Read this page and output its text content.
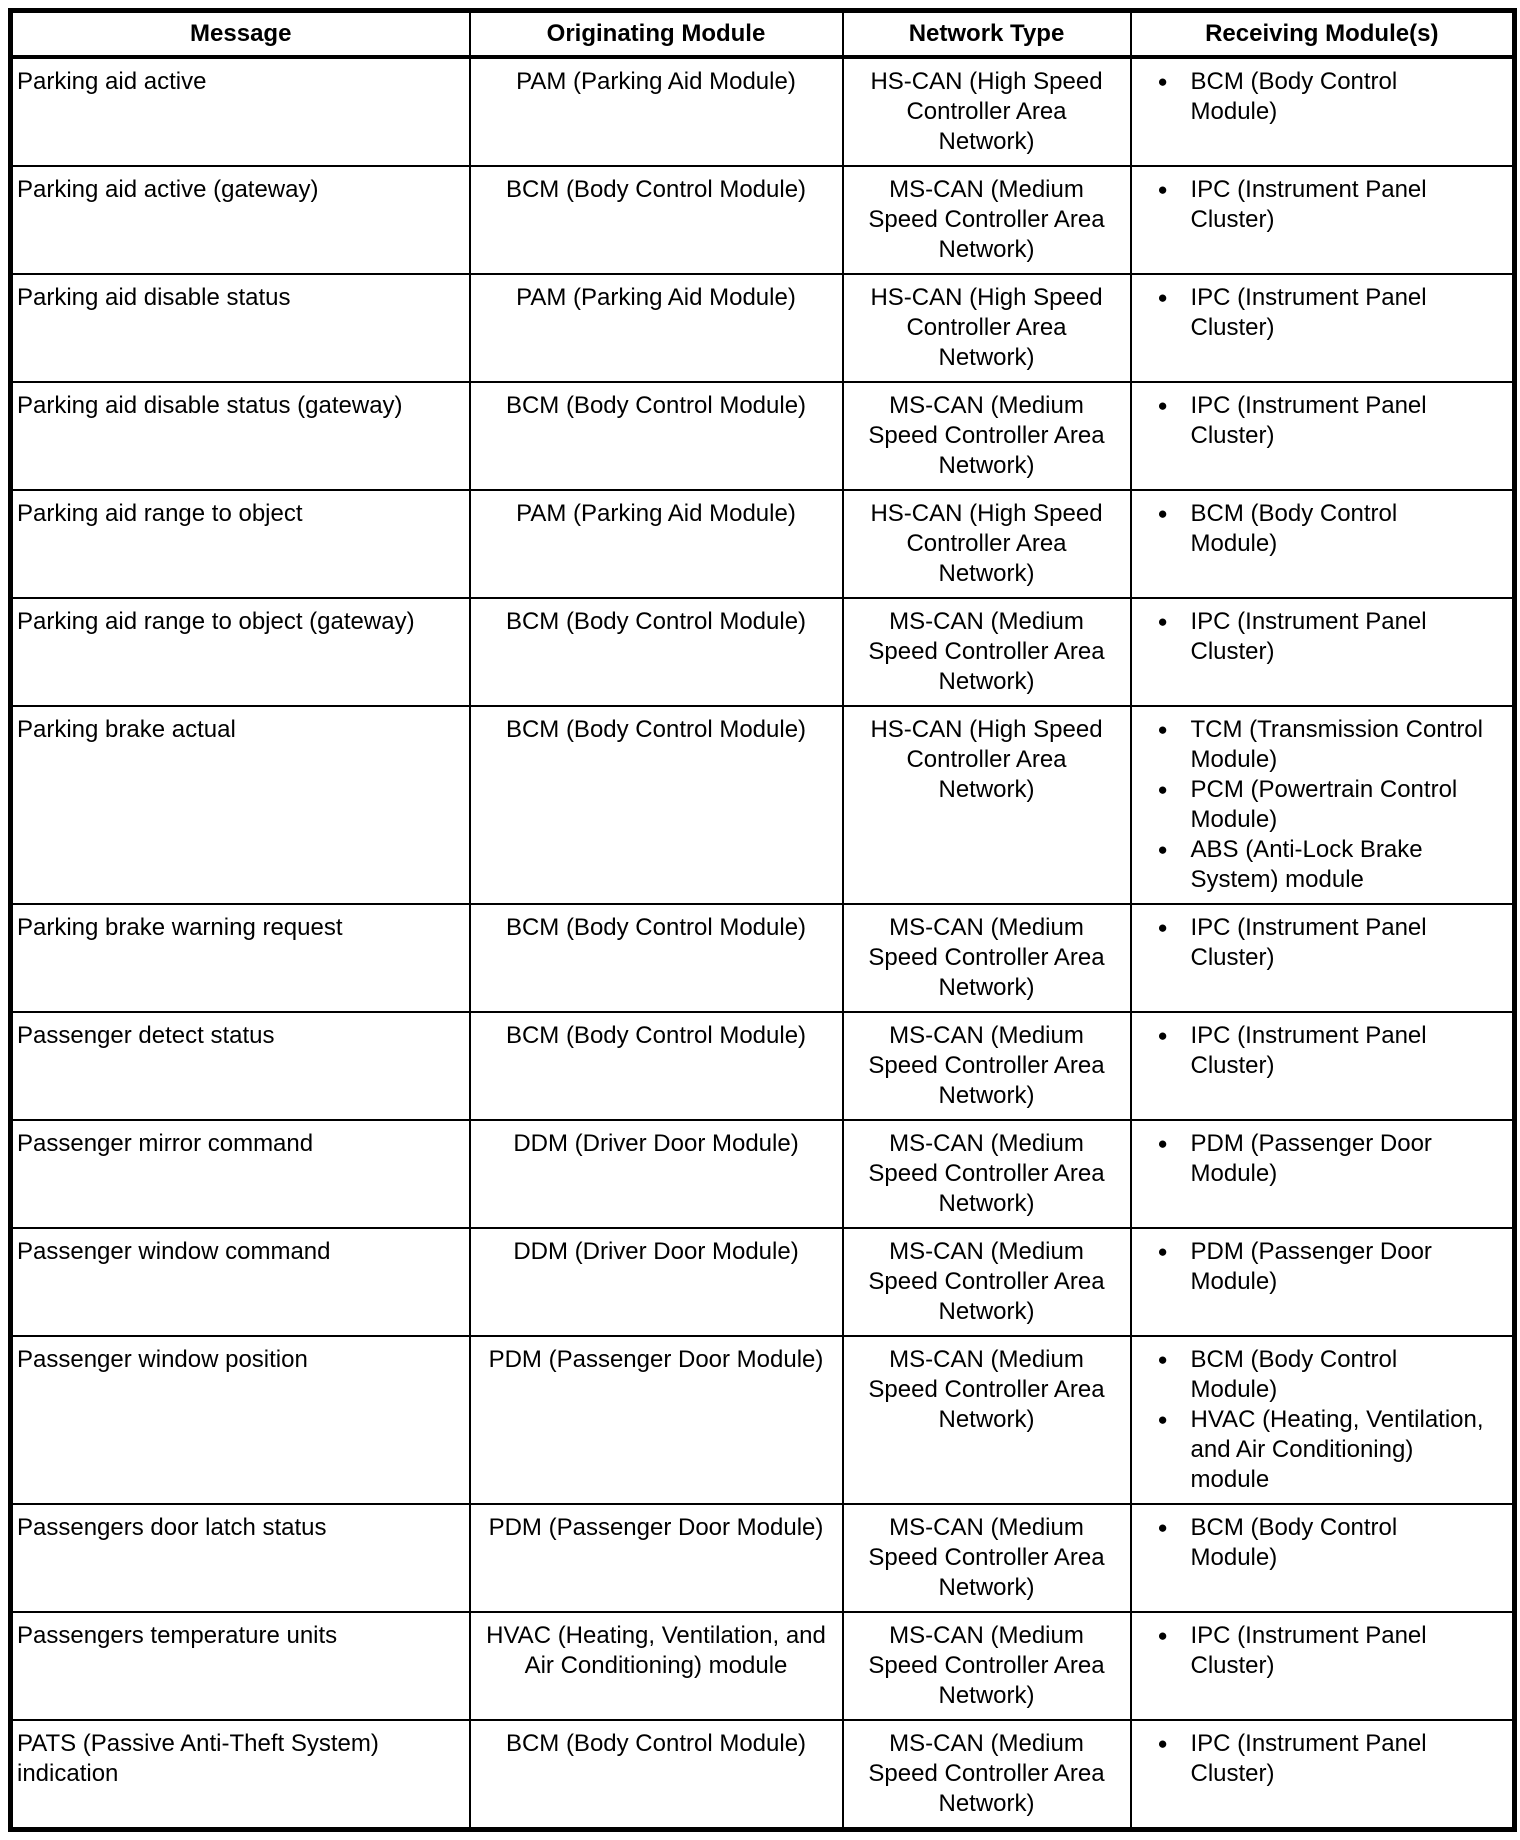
Message	Originating Module	Network Type	Receiving Module(s)
Parking aid active	PAM (Parking Aid Module)	HS-CAN (High Speed Controller Area Network)	● BCM (Body Control Module)

Parking aid active (gateway)	BCM (Body Control Module)	MS-CAN (Medium Speed Controller Area Network)	● IPC (Instrument Panel Cluster)

Parking aid disable status	PAM (Parking Aid Module)	HS-CAN (High Speed Controller Area Network)	● IPC (Instrument Panel Cluster)

Parking aid disable status (gateway)	BCM (Body Control Module)	MS-CAN (Medium Speed Controller Area Network)	● IPC (Instrument Panel Cluster)

Parking aid range to object	PAM (Parking Aid Module)	HS-CAN (High Speed Controller Area Network)	● BCM (Body Control Module)

Parking aid range to object (gateway)	BCM (Body Control Module)	MS-CAN (Medium Speed Controller Area Network)	● IPC (Instrument Panel Cluster)

Parking brake actual	BCM (Body Control Module)	HS-CAN (High Speed Controller Area Network)	
● TCM (Transmission Control Module)
● PCM (Powertrain Control Module)
● ABS (Anti-Lock Brake System) module

Parking brake warning request	BCM (Body Control Module)	MS-CAN (Medium Speed Controller Area Network)	● IPC (Instrument Panel Cluster)

Passenger detect status	BCM (Body Control Module)	MS-CAN (Medium Speed Controller Area Network)	● IPC (Instrument Panel Cluster)

Passenger mirror command	DDM (Driver Door Module)	MS-CAN (Medium Speed Controller Area Network)	● PDM (Passenger Door Module)

Passenger window command	DDM (Driver Door Module)	MS-CAN (Medium Speed Controller Area Network)	● PDM (Passenger Door Module)

Passenger window position	PDM (Passenger Door Module)	MS-CAN (Medium Speed Controller Area Network)	● BCM (Body Control Module)
● HVAC (Heating, Ventilation, and Air Conditioning) module

Passengers door latch status	PDM (Passenger Door Module)	MS-CAN (Medium Speed Controller Area Network)	● BCM (Body Control Module)

Passengers temperature units	HVAC (Heating, Ventilation, and Air Conditioning) module	MS-CAN (Medium Speed Controller Area Network)	● IPC (Instrument Panel Cluster)

PATS (Passive Anti-Theft System) indication	BCM (Body Control Module)	MS-CAN (Medium Speed Controller Area Network)	● IPC (Instrument Panel Cluster)
